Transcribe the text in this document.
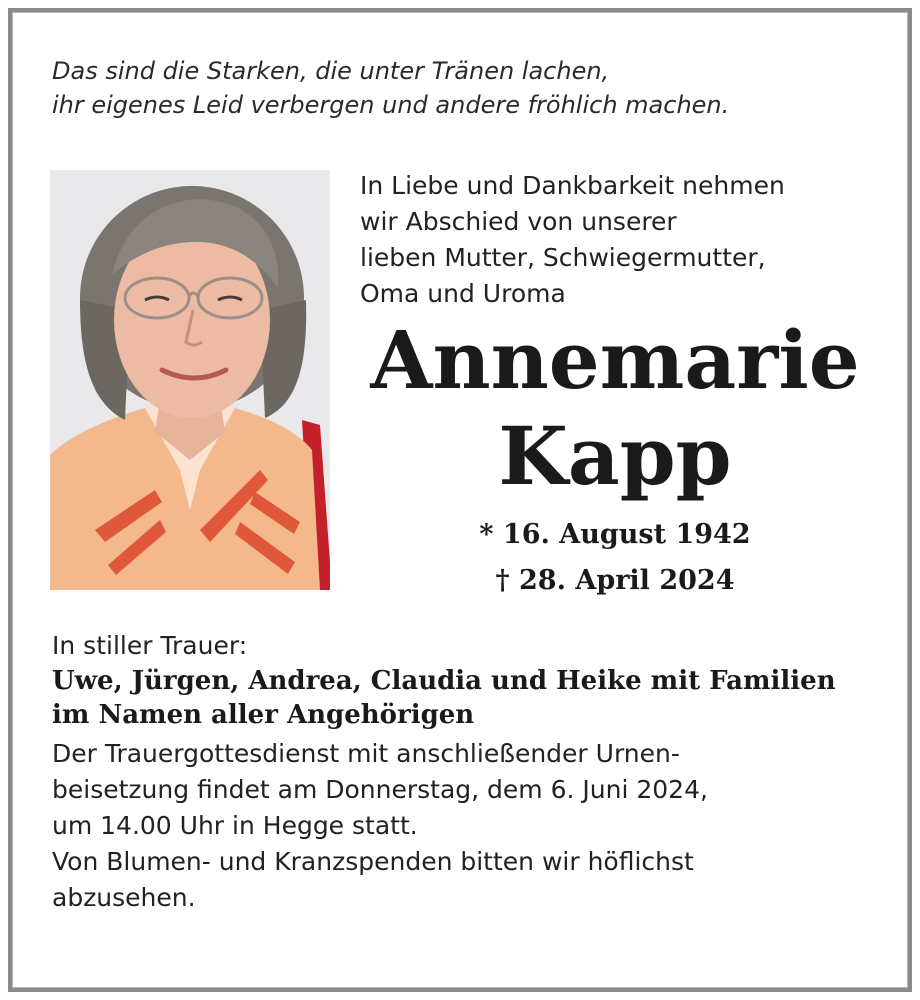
Das sind die Starken, die unter Tränen lachen,
ihr eigenes Leid verbergen und andere fröhlich machen.

In Liebe und Dankbarkeit nehmen
wir Abschied von unserer
lieben Mutter, Schwiegermutter,
Oma und Uroma

Annemarie
Kapp
* 16. August 1942
† 28. April 2024
In stiller Trauer:

Uwe, Jürgen, Andrea, Claudia und Heike mit Familien
im Namen aller Angehörigen

Der Trauergottesdienst mit anschließender Urnen-
beisetzung findet am Donnerstag, dem 6. Juni 2024,
um 14.00 Uhr in Hegge statt.
Von Blumen- und Kranzspenden bitten wir höflichst
abzusehen.
